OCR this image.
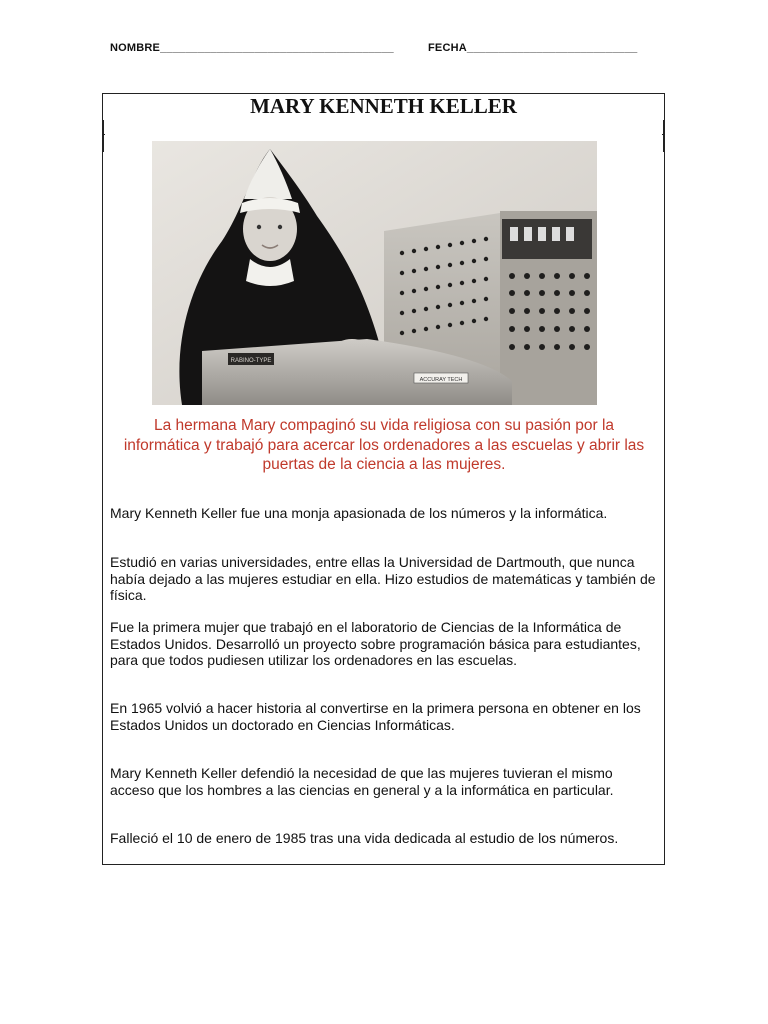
NOMBRE_____________________________________	FECHA___________________________
MARY KENNETH KELLER
RABINO-TYPE
ACCURAY TECH
La hermana Mary compaginó su vida religiosa con su pasión por la informática y trabajó para acercar los ordenadores a las escuelas y abrir las puertas de la ciencia a las mujeres.
Mary Kenneth Keller fue una monja apasionada de los números y la informática.
Estudió en varias universidades, entre ellas la Universidad de Dartmouth, que nunca había dejado a las mujeres estudiar en ella. Hizo estudios de matemáticas y también de física.
Fue la primera mujer que trabajó en el laboratorio de Ciencias de la Informática de Estados Unidos. Desarrolló un proyecto sobre programación básica para estudiantes, para que todos pudiesen utilizar los ordenadores en las escuelas.
En 1965 volvió a hacer historia al convertirse en la primera persona en obtener en los Estados Unidos un doctorado en Ciencias Informáticas.
Mary Kenneth Keller defendió la necesidad de que las mujeres tuvieran el mismo acceso que los hombres a las ciencias en general y a la informática en particular.
Falleció el 10 de enero de 1985 tras una vida dedicada al estudio de los números.
